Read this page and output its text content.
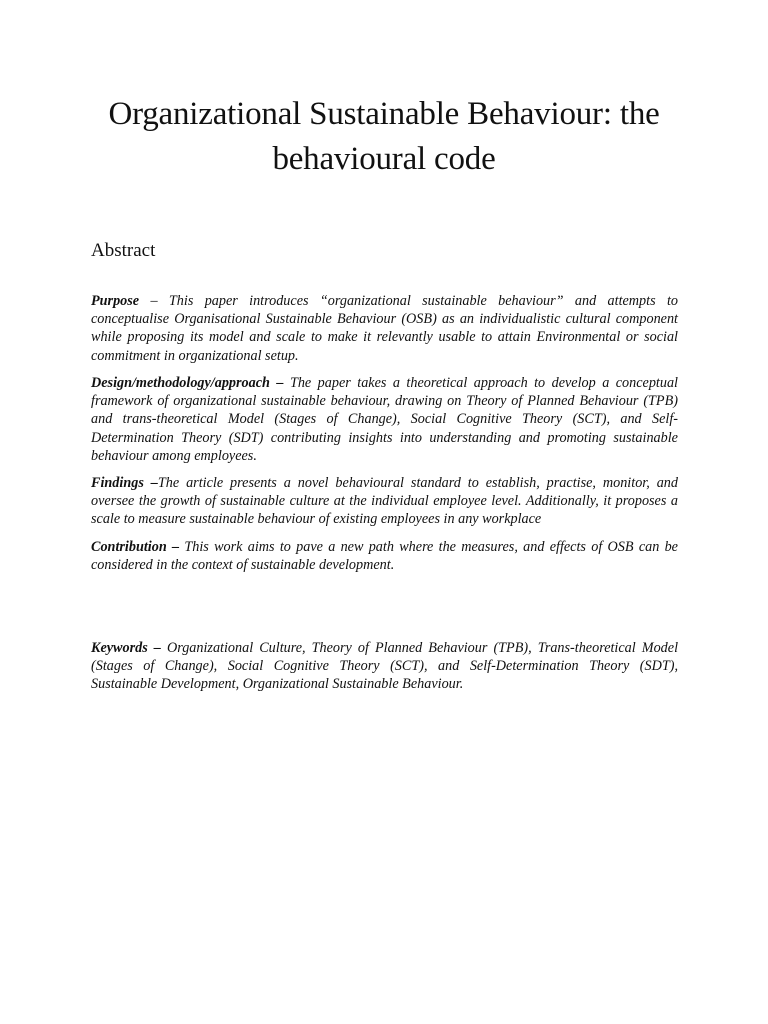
Organizational Sustainable Behaviour: the behavioural code
Abstract

Purpose – This paper introduces “organizational sustainable behaviour” and attempts to conceptualise Organisational Sustainable Behaviour (OSB) as an individualistic cultural component while proposing its model and scale to make it relevantly usable to attain Environmental or social commitment in organizational setup.

Design/methodology/approach – The paper takes a theoretical approach to develop a conceptual framework of organizational sustainable behaviour, drawing on Theory of Planned Behaviour (TPB) and trans-theoretical Model (Stages of Change), Social Cognitive Theory (SCT), and Self-Determination Theory (SDT) contributing insights into understanding and promoting sustainable behaviour among employees.

Findings –The article presents a novel behavioural standard to establish, practise, monitor, and oversee the growth of sustainable culture at the individual employee level. Additionally, it proposes a scale to measure sustainable behaviour of existing employees in any workplace

Contribution – This work aims to pave a new path where the measures, and effects of OSB can be considered in the context of sustainable development.

Keywords – Organizational Culture, Theory of Planned Behaviour (TPB), Trans-theoretical Model (Stages of Change), Social Cognitive Theory (SCT), and Self-Determination Theory (SDT), Sustainable Development, Organizational Sustainable Behaviour.
